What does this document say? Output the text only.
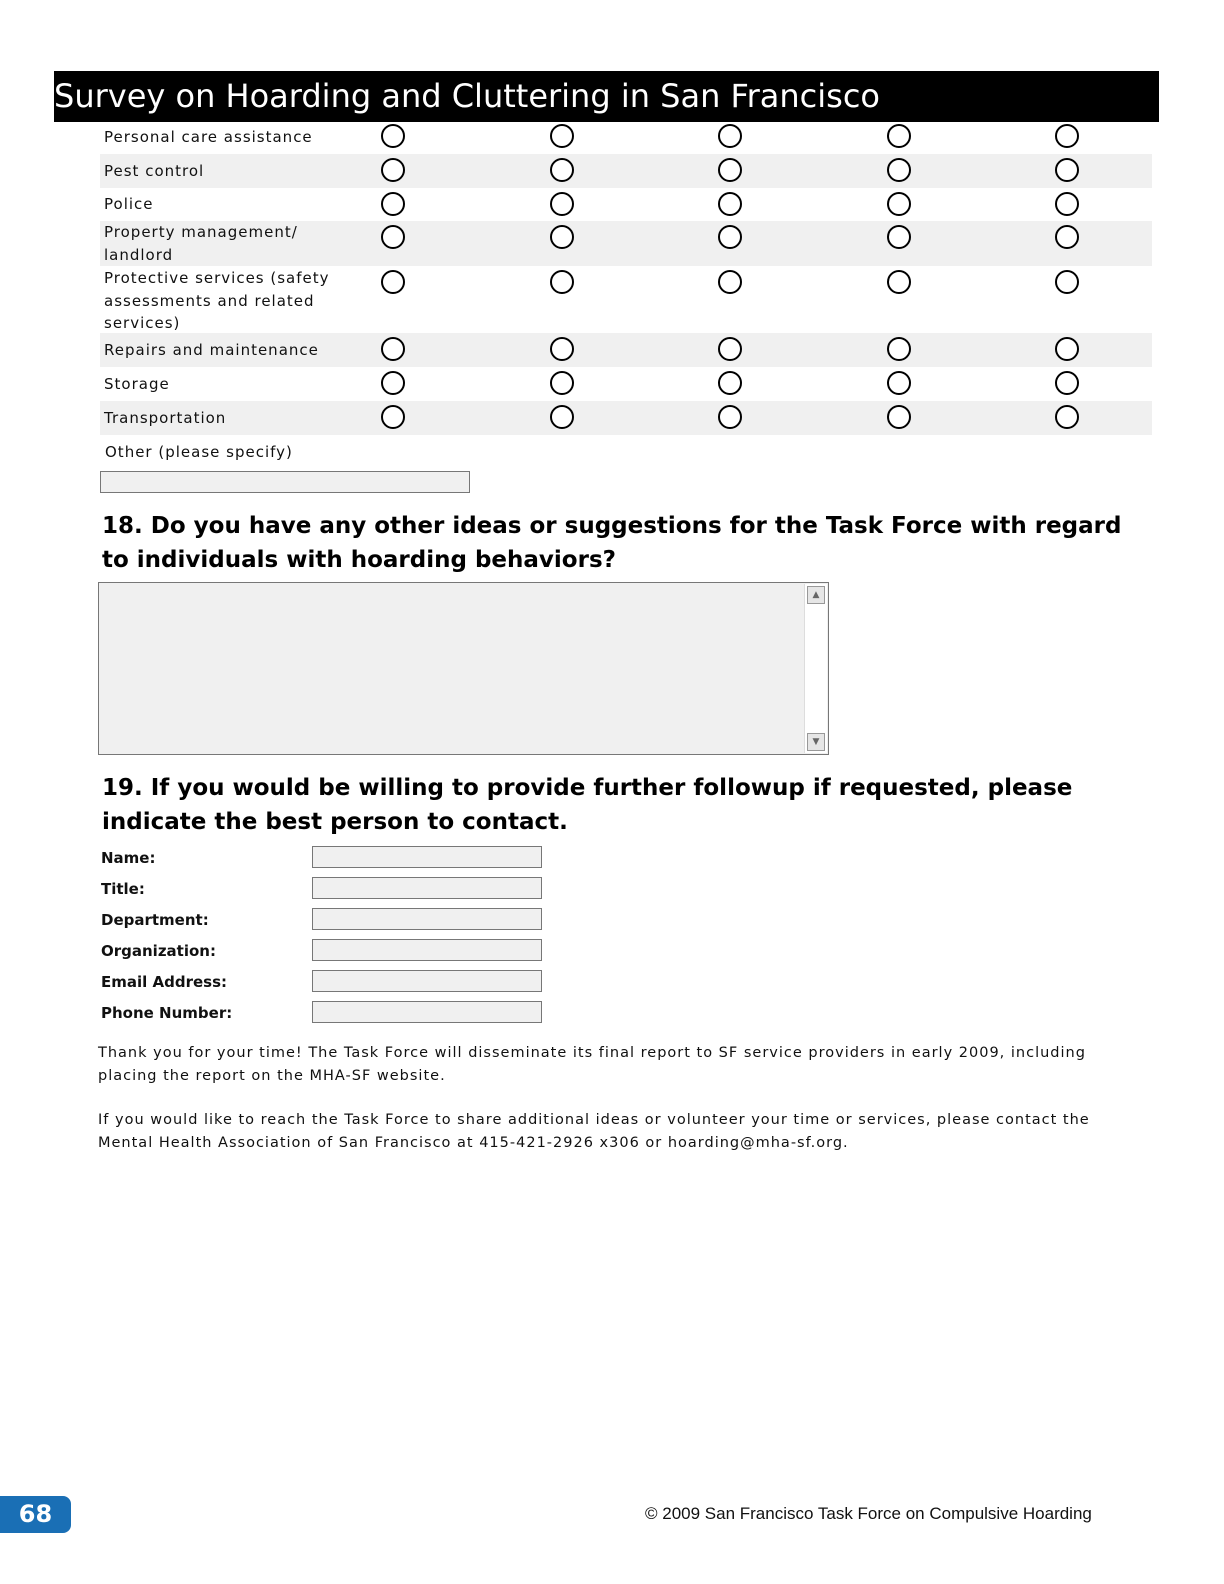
Survey on Hoarding and Cluttering in San Francisco
Personal care assistance
Pest control
Police
Property management/ landlord
Protective services (safety assessments and related services)
Repairs and maintenance
Storage
Transportation
Other (please specify)
18. Do you have any other ideas or suggestions for the Task Force with regard to individuals with hoarding behaviors?
▲
▼
19. If you would be willing to provide further followup if requested, please indicate the best person to contact.
Name:
Title:
Department:
Organization:
Email Address:
Phone Number:
Thank you for your time! The Task Force will disseminate its final report to SF service providers in early 2009, including placing the report on the MHA-SF website.
If you would like to reach the Task Force to share additional ideas or volunteer your time or services, please contact the Mental Health Association of San Francisco at 415-421-2926 x306 or hoarding@mha-sf.org.
68	© 2009 San Francisco Task Force on Compulsive Hoarding
